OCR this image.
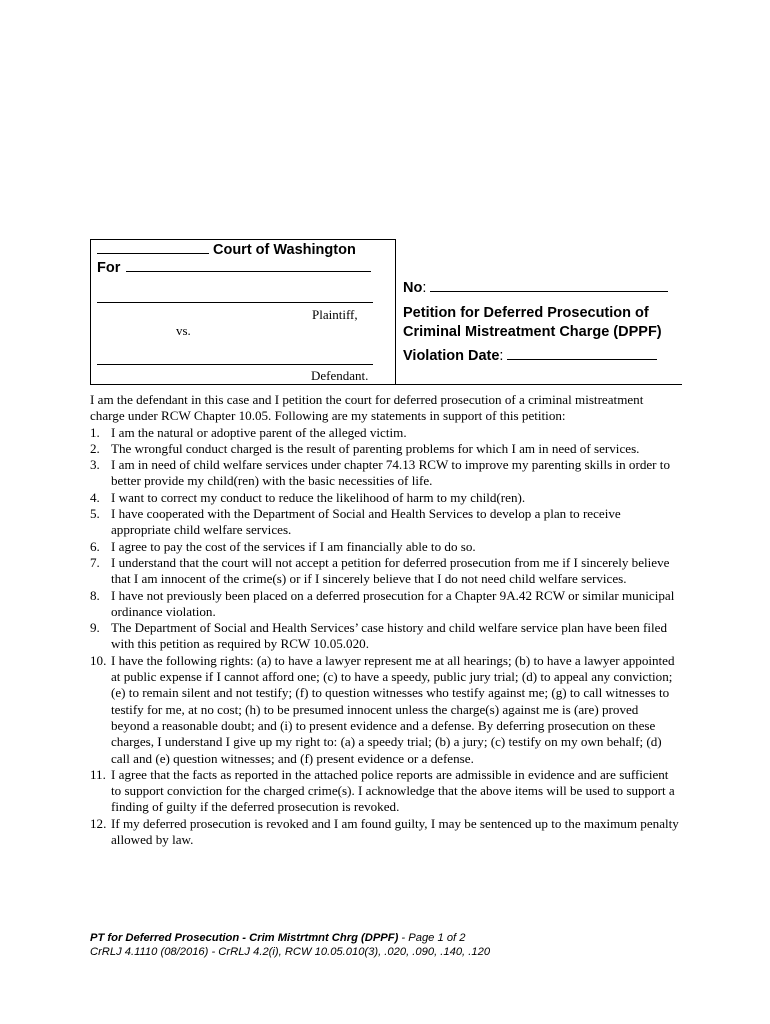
Court of Washington
For
Plaintiff,
vs.
Defendant.
No:
Petition for Deferred Prosecution of
Criminal Mistreatment Charge (DPPF)
Violation Date:

I am the defendant in this case and I petition the court for deferred prosecution of a criminal mistreatment charge under RCW Chapter 10.05. Following are my statements in support of this petition:

1. I am the natural or adoptive parent of the alleged victim.
2. The wrongful conduct charged is the result of parenting problems for which I am in need of services.
3. I am in need of child welfare services under chapter 74.13 RCW to improve my parenting skills in order to better provide my child(ren) with the basic necessities of life.
4. I want to correct my conduct to reduce the likelihood of harm to my child(ren).
5. I have cooperated with the Department of Social and Health Services to develop a plan to receive appropriate child welfare services.
6. I agree to pay the cost of the services if I am financially able to do so.
7. I understand that the court will not accept a petition for deferred prosecution from me if I sincerely believe that I am innocent of the crime(s) or if I sincerely believe that I do not need child welfare services.
8. I have not previously been placed on a deferred prosecution for a Chapter 9A.42 RCW or similar municipal ordinance violation.
9. The Department of Social and Health Services’ case history and child welfare service plan have been filed with this petition as required by RCW 10.05.020.
10. I have the following rights: (a) to have a lawyer represent me at all hearings; (b) to have a lawyer appointed at public expense if I cannot afford one; (c) to have a speedy, public jury trial; (d) to appeal any conviction; (e) to remain silent and not testify; (f) to question witnesses who testify against me; (g) to call witnesses to testify for me, at no cost; (h) to be presumed innocent unless the charge(s) against me is (are) proved beyond a reasonable doubt; and (i) to present evidence and a defense. By deferring prosecution on these charges, I understand I give up my right to: (a) a speedy trial; (b) a jury; (c) testify on my own behalf; (d) call and (e) question witnesses; and (f) present evidence or a defense.
11. I agree that the facts as reported in the attached police reports are admissible in evidence and are sufficient to support conviction for the charged crime(s). I acknowledge that the above items will be used to support a finding of guilty if the deferred prosecution is revoked.
12. If my deferred prosecution is revoked and I am found guilty, I may be sentenced up to the maximum penalty allowed by law.
PT for Deferred Prosecution - Crim Mistrtmnt Chrg (DPPF) - Page 1 of 2
CrRLJ 4.1110 (08/2016) - CrRLJ 4.2(i), RCW 10.05.010(3), .020, .090, .140, .120
